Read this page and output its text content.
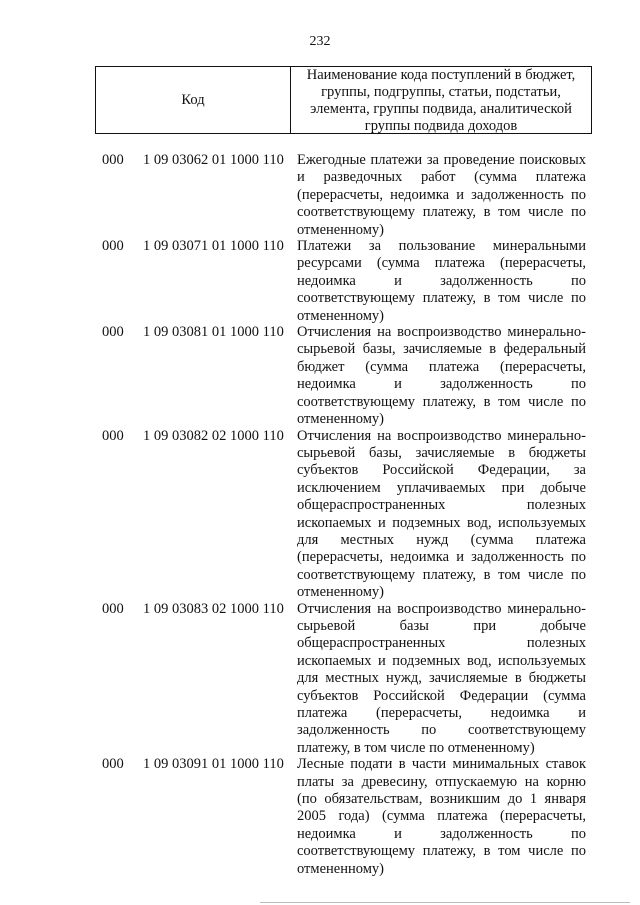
232
Код
Наименование кода поступлений в бюджет, группы, подгруппы, статьи, подстатьи, элемента, группы подвида, аналитической группы подвида доходов
000 1 09 03062 01 1000 110 Ежегодные платежи за проведение поисковых и разведочных работ (сумма платежа (перерасчеты, недоимка и задолженность по соответствующему платежу, в том числе по отмененному)
000 1 09 03071 01 1000 110 Платежи за пользование минеральными ресурсами (сумма платежа (перерасчеты, недоимка и задолженность по соответствующему платежу, в том числе по отмененному)
000 1 09 03081 01 1000 110 Отчисления на воспроизводство минерально-сырьевой базы, зачисляемые в федеральный бюджет (сумма платежа (перерасчеты, недоимка и задолженность по соответствующему платежу, в том числе по отмененному)
000 1 09 03082 02 1000 110 Отчисления на воспроизводство минерально-сырьевой базы, зачисляемые в бюджеты субъектов Российской Федерации, за исключением уплачиваемых при добыче общераспространенных полезных ископаемых и подземных вод, используемых для местных нужд (сумма платежа (перерасчеты, недоимка и задолженность по соответствующему платежу, в том числе по отмененному)
000 1 09 03083 02 1000 110 Отчисления на воспроизводство минерально-сырьевой базы при добыче общераспространенных полезных ископаемых и подземных вод, используемых для местных нужд, зачисляемые в бюджеты субъектов Российской Федерации (сумма платежа (перерасчеты, недоимка и задолженность по соответствующему платежу, в том числе по отмененному)
000 1 09 03091 01 1000 110 Лесные подати в части минимальных ставок платы за древесину, отпускаемую на корню (по обязательствам, возникшим до 1 января 2005 года) (сумма платежа (перерасчеты, недоимка и задолженность по соответствующему платежу, в том числе по отмененному)
